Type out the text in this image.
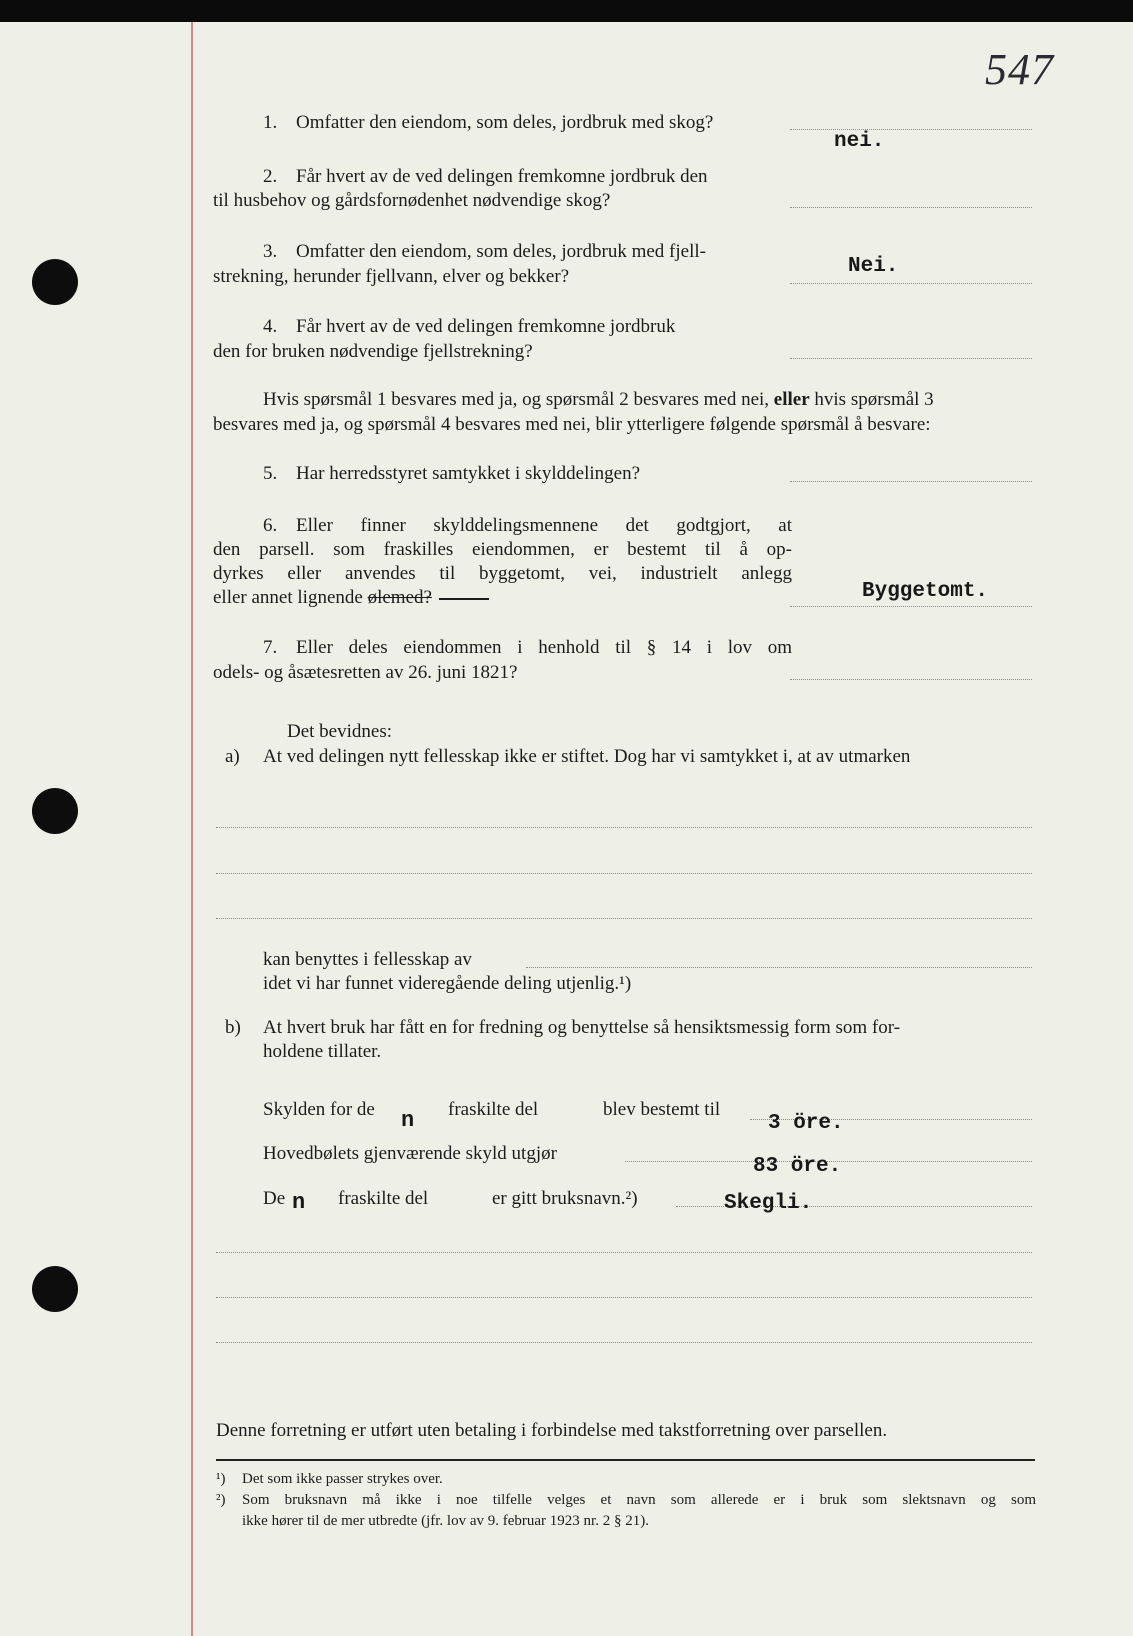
547
1. Omfatter den eiendom, som deles, jordbruk med skog?
nei.
2. Får hvert av de ved delingen fremkomne jordbruk den
til husbehov og gårdsfornødenhet nødvendige skog?
3. Omfatter den eiendom, som deles, jordbruk med fjell-
strekning, herunder fjellvann, elver og bekker?	Nei.
4. Får hvert av de ved delingen fremkomne jordbruk
den for bruken nødvendige fjellstrekning?
Hvis spørsmål 1 besvares med ja, og spørsmål 2 besvares med nei, eller hvis spørsmål 3
besvares med ja, og spørsmål 4 besvares med nei, blir ytterligere følgende spørsmål å besvare:
5. Har herredsstyret samtykket i skylddelingen?
6. Eller finner skylddelingsmennene det godtgjort, at
den parsell. som fraskilles eiendommen, er bestemt til å op-
dyrkes eller anvendes til byggetomt, vei, industrielt anlegg
eller annet lignende ølemed?	Byggetomt.
7. Eller deles eiendommen i henhold til § 14 i lov om
odels- og åsætesretten av 26. juni 1821?
Det bevidnes:
a) At ved delingen nytt fellesskap ikke er stiftet. Dog har vi samtykket i, at av utmarken
kan benyttes i fellesskap av
idet vi har funnet videregående deling utjenlig.¹)
b) At hvert bruk har fått en for fredning og benyttelse så hensiktsmessig form som for-
holdene tillater.
Skylden for de n fraskilte del	blev bestemt til
3 öre.
Hovedbølets gjenværende skyld utgjør
83 öre.
De n fraskilte del	er gitt bruksnavn.²)	Skegli.
Denne forretning er utført uten betaling i forbindelse med takstforretning over parsellen.
¹) Det som ikke passer strykes over.
²) Som bruksnavn må ikke i noe tilfelle velges et navn som allerede er i bruk som slektsnavn og som
ikke hører til de mer utbredte (jfr. lov av 9. februar 1923 nr. 2 § 21).
